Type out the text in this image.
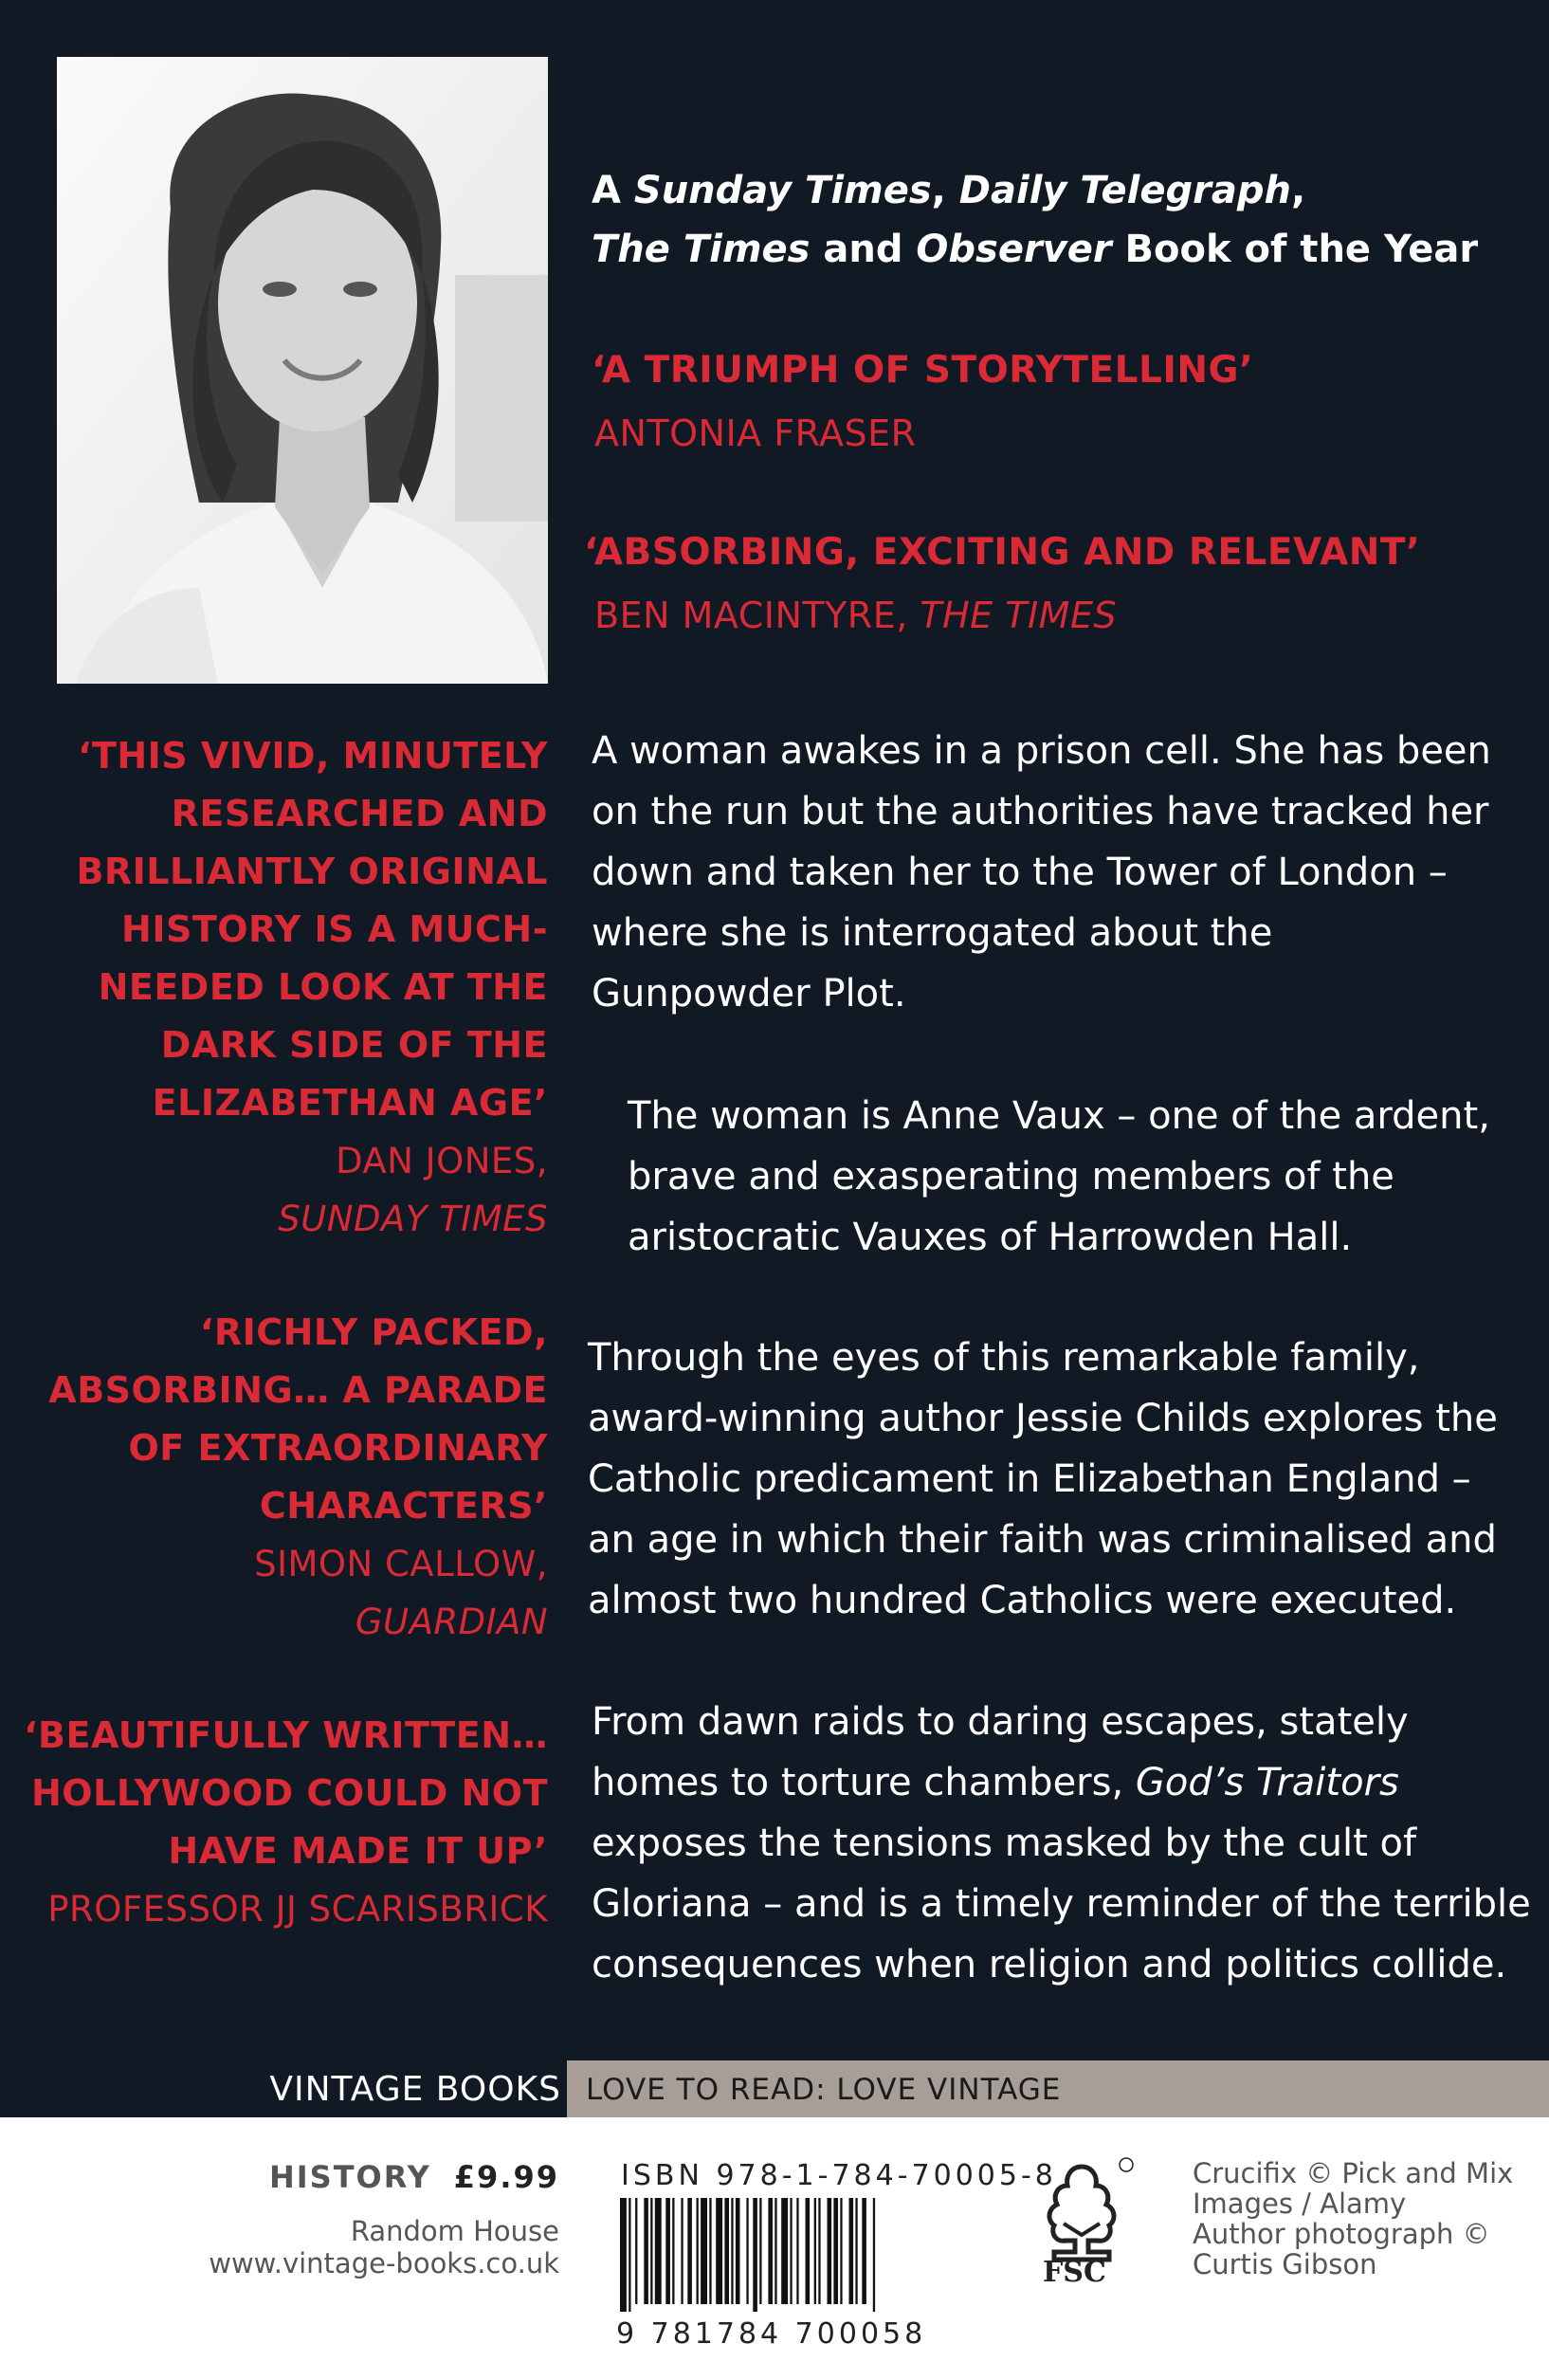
A Sunday Times, Daily Telegraph,
The Times and Observer Book of the Year
‘A TRIUMPH OF STORYTELLING’
ANTONIA FRASER
‘ABSORBING, EXCITING AND RELEVANT’
BEN MACINTYRE, THE TIMES
‘THIS VIVID, MINUTELY
RESEARCHED AND
BRILLIANTLY ORIGINAL
HISTORY IS A MUCH-
NEEDED LOOK AT THE
DARK SIDE OF THE
ELIZABETHAN AGE’
DAN JONES,
SUNDAY TIMES
‘RICHLY PACKED,
ABSORBING… A PARADE
OF EXTRAORDINARY
CHARACTERS’
SIMON CALLOW,
GUARDIAN
‘BEAUTIFULLY WRITTEN…
HOLLYWOOD COULD NOT
HAVE MADE IT UP’
PROFESSOR JJ SCARISBRICK
A woman awakes in a prison cell. She has been
on the run but the authorities have tracked her
down and taken her to the Tower of London –
where she is interrogated about the
Gunpowder Plot.
The woman is Anne Vaux – one of the ardent,
brave and exasperating members of the
aristocratic Vauxes of Harrowden Hall.
Through the eyes of this remarkable family,
award-winning author Jessie Childs explores the
Catholic predicament in Elizabethan England –
an age in which their faith was criminalised and
almost two hundred Catholics were executed.
From dawn raids to daring escapes, stately
homes to torture chambers, God’s Traitors
exposes the tensions masked by the cult of
Gloriana – and is a timely reminder of the terrible
consequences when religion and politics collide.
VINTAGE BOOKS LOVE TO READ: LOVE VINTAGE
HISTORY £9.99
Random House
www.vintage-books.co.uk
ISBN 978-1-784-70005-8
9 781784 700058
FSC
Crucifix © Pick and Mix
Images / Alamy
Author photograph ©
Curtis Gibson
